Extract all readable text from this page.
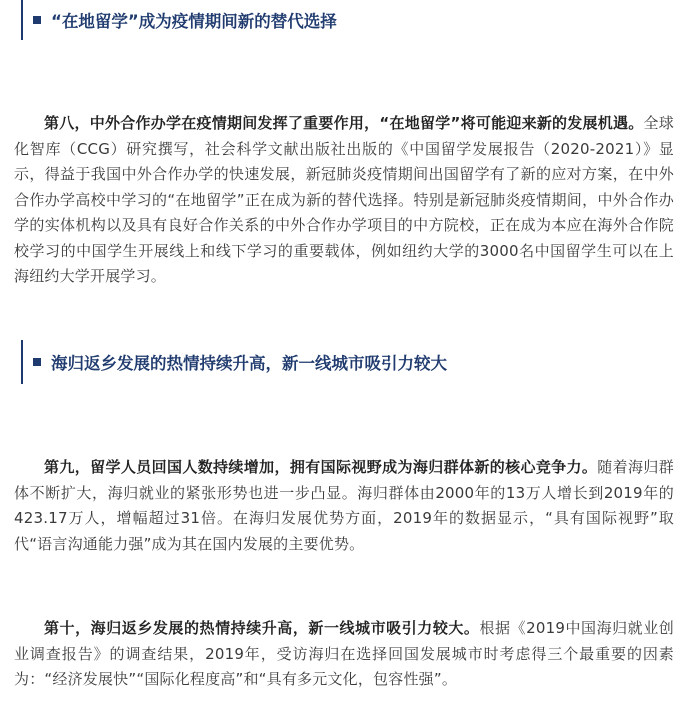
“在地留学”成为疫情期间新的替代选择

第八，中外合作办学在疫情期间发挥了重要作用，“在地留学”将可能迎来新的发展机遇。全球化智库（CCG）研究撰写，社会科学文献出版社出版的《中国留学发展报告（2020-2021）》显示，得益于我国中外合作办学的快速发展，新冠肺炎疫情期间出国留学有了新的应对方案，在中外合作办学高校中学习的“在地留学”正在成为新的替代选择。特别是新冠肺炎疫情期间，中外合作办学的实体机构以及具有良好合作关系的中外合作办学项目的中方院校，正在成为本应在海外合作院校学习的中国学生开展线上和线下学习的重要载体，例如纽约大学的3000名中国留学生可以在上海纽约大学开展学习。

海归返乡发展的热情持续升高，新一线城市吸引力较大

第九，留学人员回国人数持续增加，拥有国际视野成为海归群体新的核心竞争力。随着海归群体不断扩大，海归就业的紧张形势也进一步凸显。海归群体由2000年的13万人增长到2019年的423.17万人，增幅超过31倍。在海归发展优势方面，2019年的数据显示，“具有国际视野”取代“语言沟通能力强”成为其在国内发展的主要优势。

第十，海归返乡发展的热情持续升高，新一线城市吸引力较大。根据《2019中国海归就业创业调查报告》的调查结果，2019年，受访海归在选择回国发展城市时考虑得三个最重要的因素为：“经济发展快”“国际化程度高”和“具有多元文化，包容性强”。
